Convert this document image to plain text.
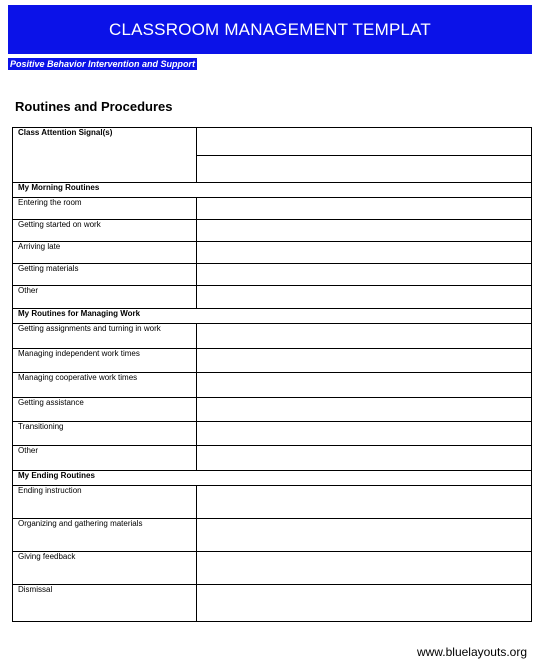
CLASSROOM MANAGEMENT TEMPLAT
Positive Behavior Intervention and Support
Routines and Procedures
Class Attention Signal(s)	

My Morning Routines	
Entering the room	
Getting started on work	
Arriving late	
Getting materials	
Other	
My Routines for Managing Work	
Getting assignments and turning in work	
Managing independent work times	
Managing cooperative work times	
Getting assistance	
Transitioning	
Other	
My Ending Routines	
Ending instruction	
Organizing and gathering materials	
Giving feedback	
Dismissal	
www.bluelayouts.org
